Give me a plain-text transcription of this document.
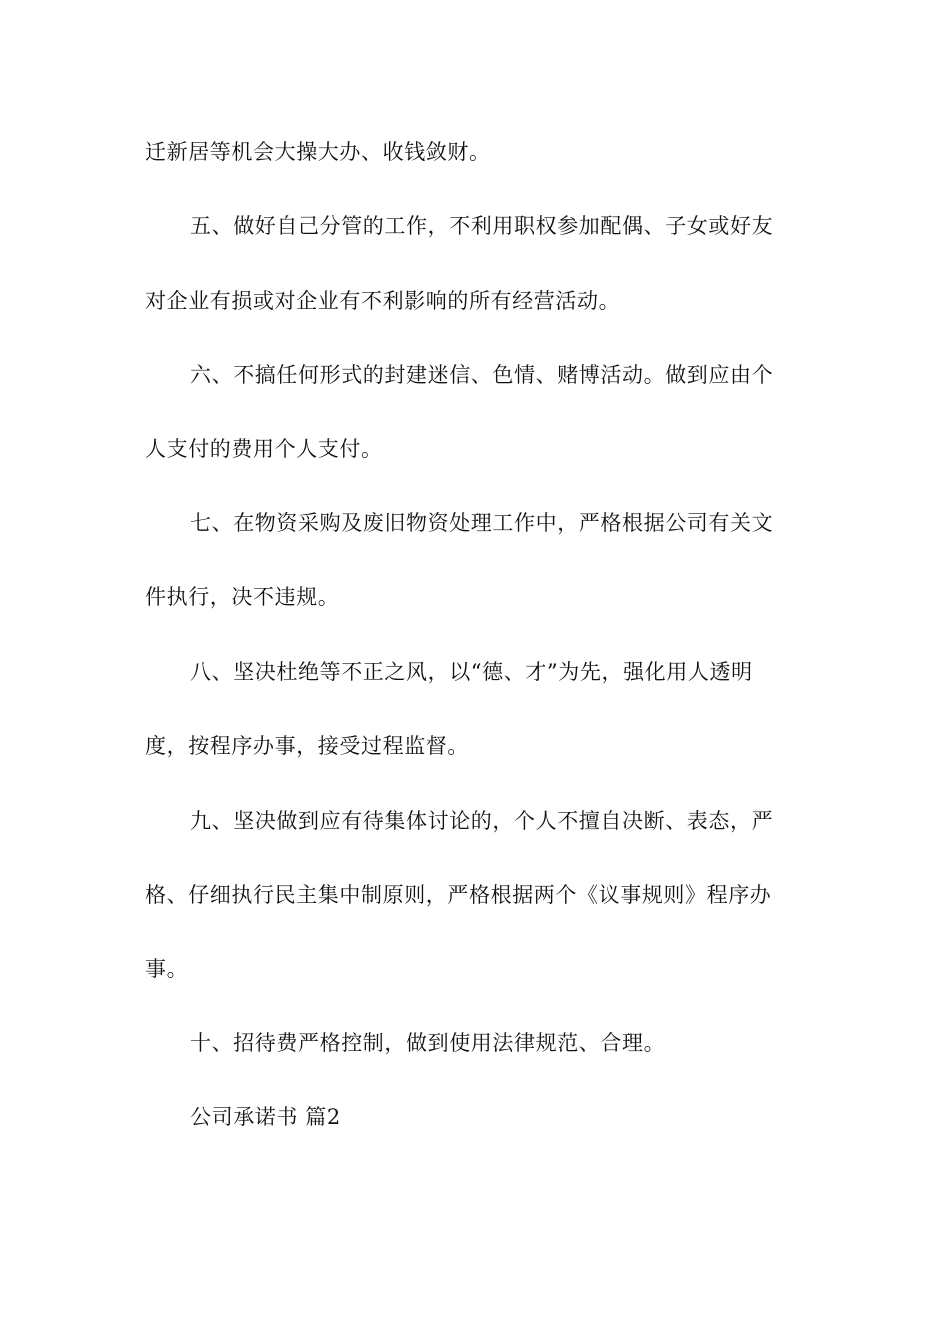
迁新居等机会大操大办、收钱敛财。
五、做好自己分管的工作，不利用职权参加配偶、子女或好友
对企业有损或对企业有不利影响的所有经营活动。
六、不搞任何形式的封建迷信、色情、赌博活动。做到应由个
人支付的费用个人支付。
七、在物资采购及废旧物资处理工作中，严格根据公司有关文
件执行，决不违规。
八、坚决杜绝等不正之风，以“德、才”为先，强化用人透明
度，按程序办事，接受过程监督。
九、坚决做到应有待集体讨论的，个人不擅自决断、表态，严
格、仔细执行民主集中制原则，严格根据两个《议事规则》程序办
事。
十、招待费严格控制，做到使用法律规范、合理。
公司承诺书 篇2
